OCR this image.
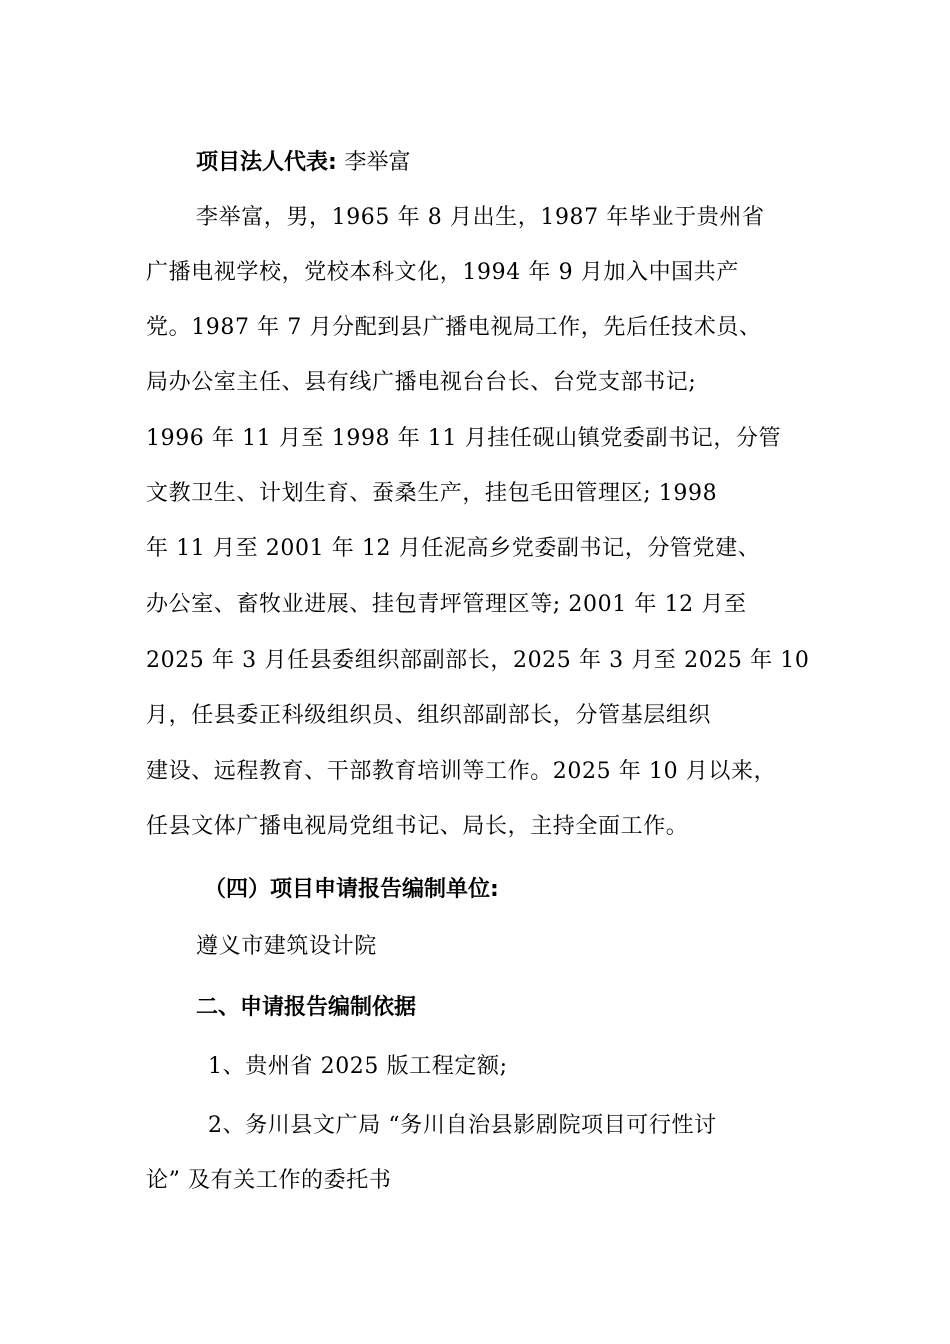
项目法人代表: 李举富
李举富，男，1965 年 8 月出生，1987 年毕业于贵州省
广播电视学校，党校本科文化，1994 年 9 月加入中国共产
党。1987 年 7 月分配到县广播电视局工作，先后任技术员、
局办公室主任、县有线广播电视台台长、台党支部书记;
1996 年 11 月至 1998 年 11 月挂任砚山镇党委副书记，分管
文教卫生、计划生育、蚕桑生产，挂包毛田管理区; 1998
年 11 月至 2001 年 12 月任泥高乡党委副书记，分管党建、
办公室、畜牧业进展、挂包青坪管理区等; 2001 年 12 月至
2025 年 3 月任县委组织部副部长，2025 年 3 月至 2025 年 10
月，任县委正科级组织员、组织部副部长，分管基层组织
建设、远程教育、干部教育培训等工作。2025 年 10 月以来，
任县文体广播电视局党组书记、局长，主持全面工作。
（四）项目申请报告编制单位:
遵义市建筑设计院
二、申请报告编制依据
1、贵州省 2025 版工程定额;
2、务川县文广局 “务川自治县影剧院项目可行性讨
论” 及有关工作的委托书
